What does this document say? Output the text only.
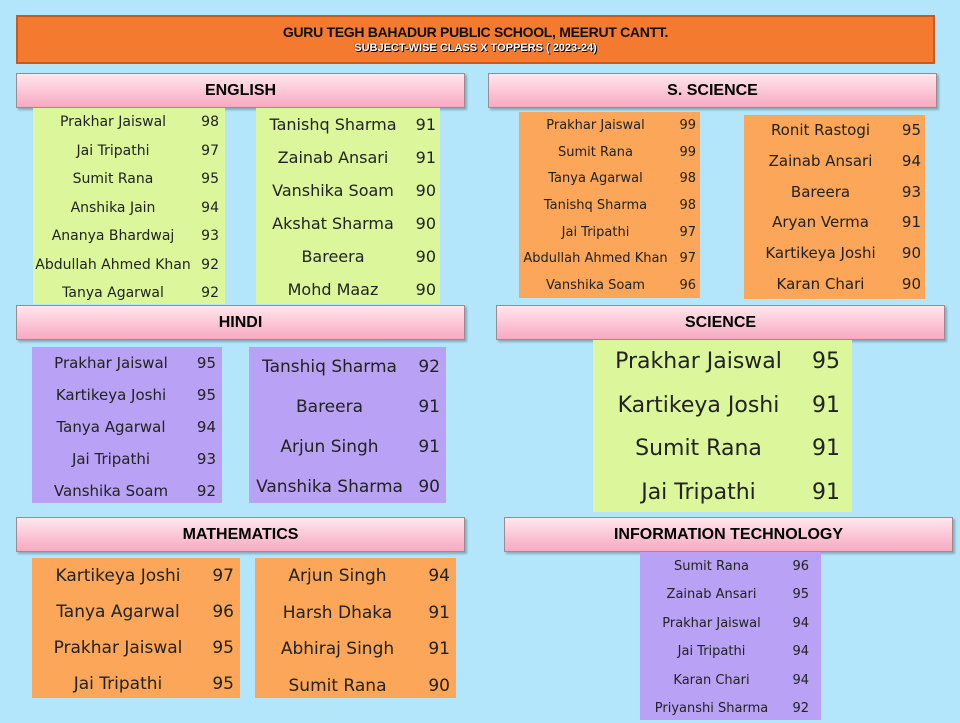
GURU TEGH BAHADUR PUBLIC SCHOOL, MEERUT CANTT.
SUBJECT-WISE CLASS X TOPPERS ( 2023-24)
ENGLISH	S. SCIENCE
HINDI	SCIENCE
MATHEMATICS	INFORMATION TECHNOLOGY
Prakhar Jaiswal	98
Jai Tripathi	97
Sumit Rana	95
Anshika Jain	94
Ananya Bhardwaj	93
Abdullah Ahmed Khan 92
Tanya Agarwal	92
Tanishq Sharma	91
Zainab Ansari	91
Vanshika Soam	90
Akshat Sharma	90
Bareera	90
Mohd Maaz	90
Prakhar Jaiswal	99
Sumit Rana	99
Tanya Agarwal	98
Tanishq Sharma	98
Jai Tripathi	97
Abdullah Ahmed Khan 97
Vanshika Soam	96
Ronit Rastogi	95
Zainab Ansari	94
Bareera	93
Aryan Verma	91
Kartikeya Joshi	90
Karan Chari	90
Prakhar Jaiswal	95
Kartikeya Joshi	95
Tanya Agarwal	94
Jai Tripathi	93
Vanshika Soam	92
Tanshiq Sharma	92
Bareera	91
Arjun Singh	91
Vanshika Sharma 90
Prakhar Jaiswal	95
Kartikeya Joshi	91
Sumit Rana	91
Jai Tripathi	91
Kartikeya Joshi	97
Tanya Agarwal	96
Prakhar Jaiswal	95
Jai Tripathi	95
Arjun Singh	94
Harsh Dhaka	91
Abhiraj Singh	91
Sumit Rana	90
Sumit Rana	96
Zainab Ansari	95
Prakhar Jaiswal	94
Jai Tripathi	94
Karan Chari	94
Priyanshi Sharma	92
